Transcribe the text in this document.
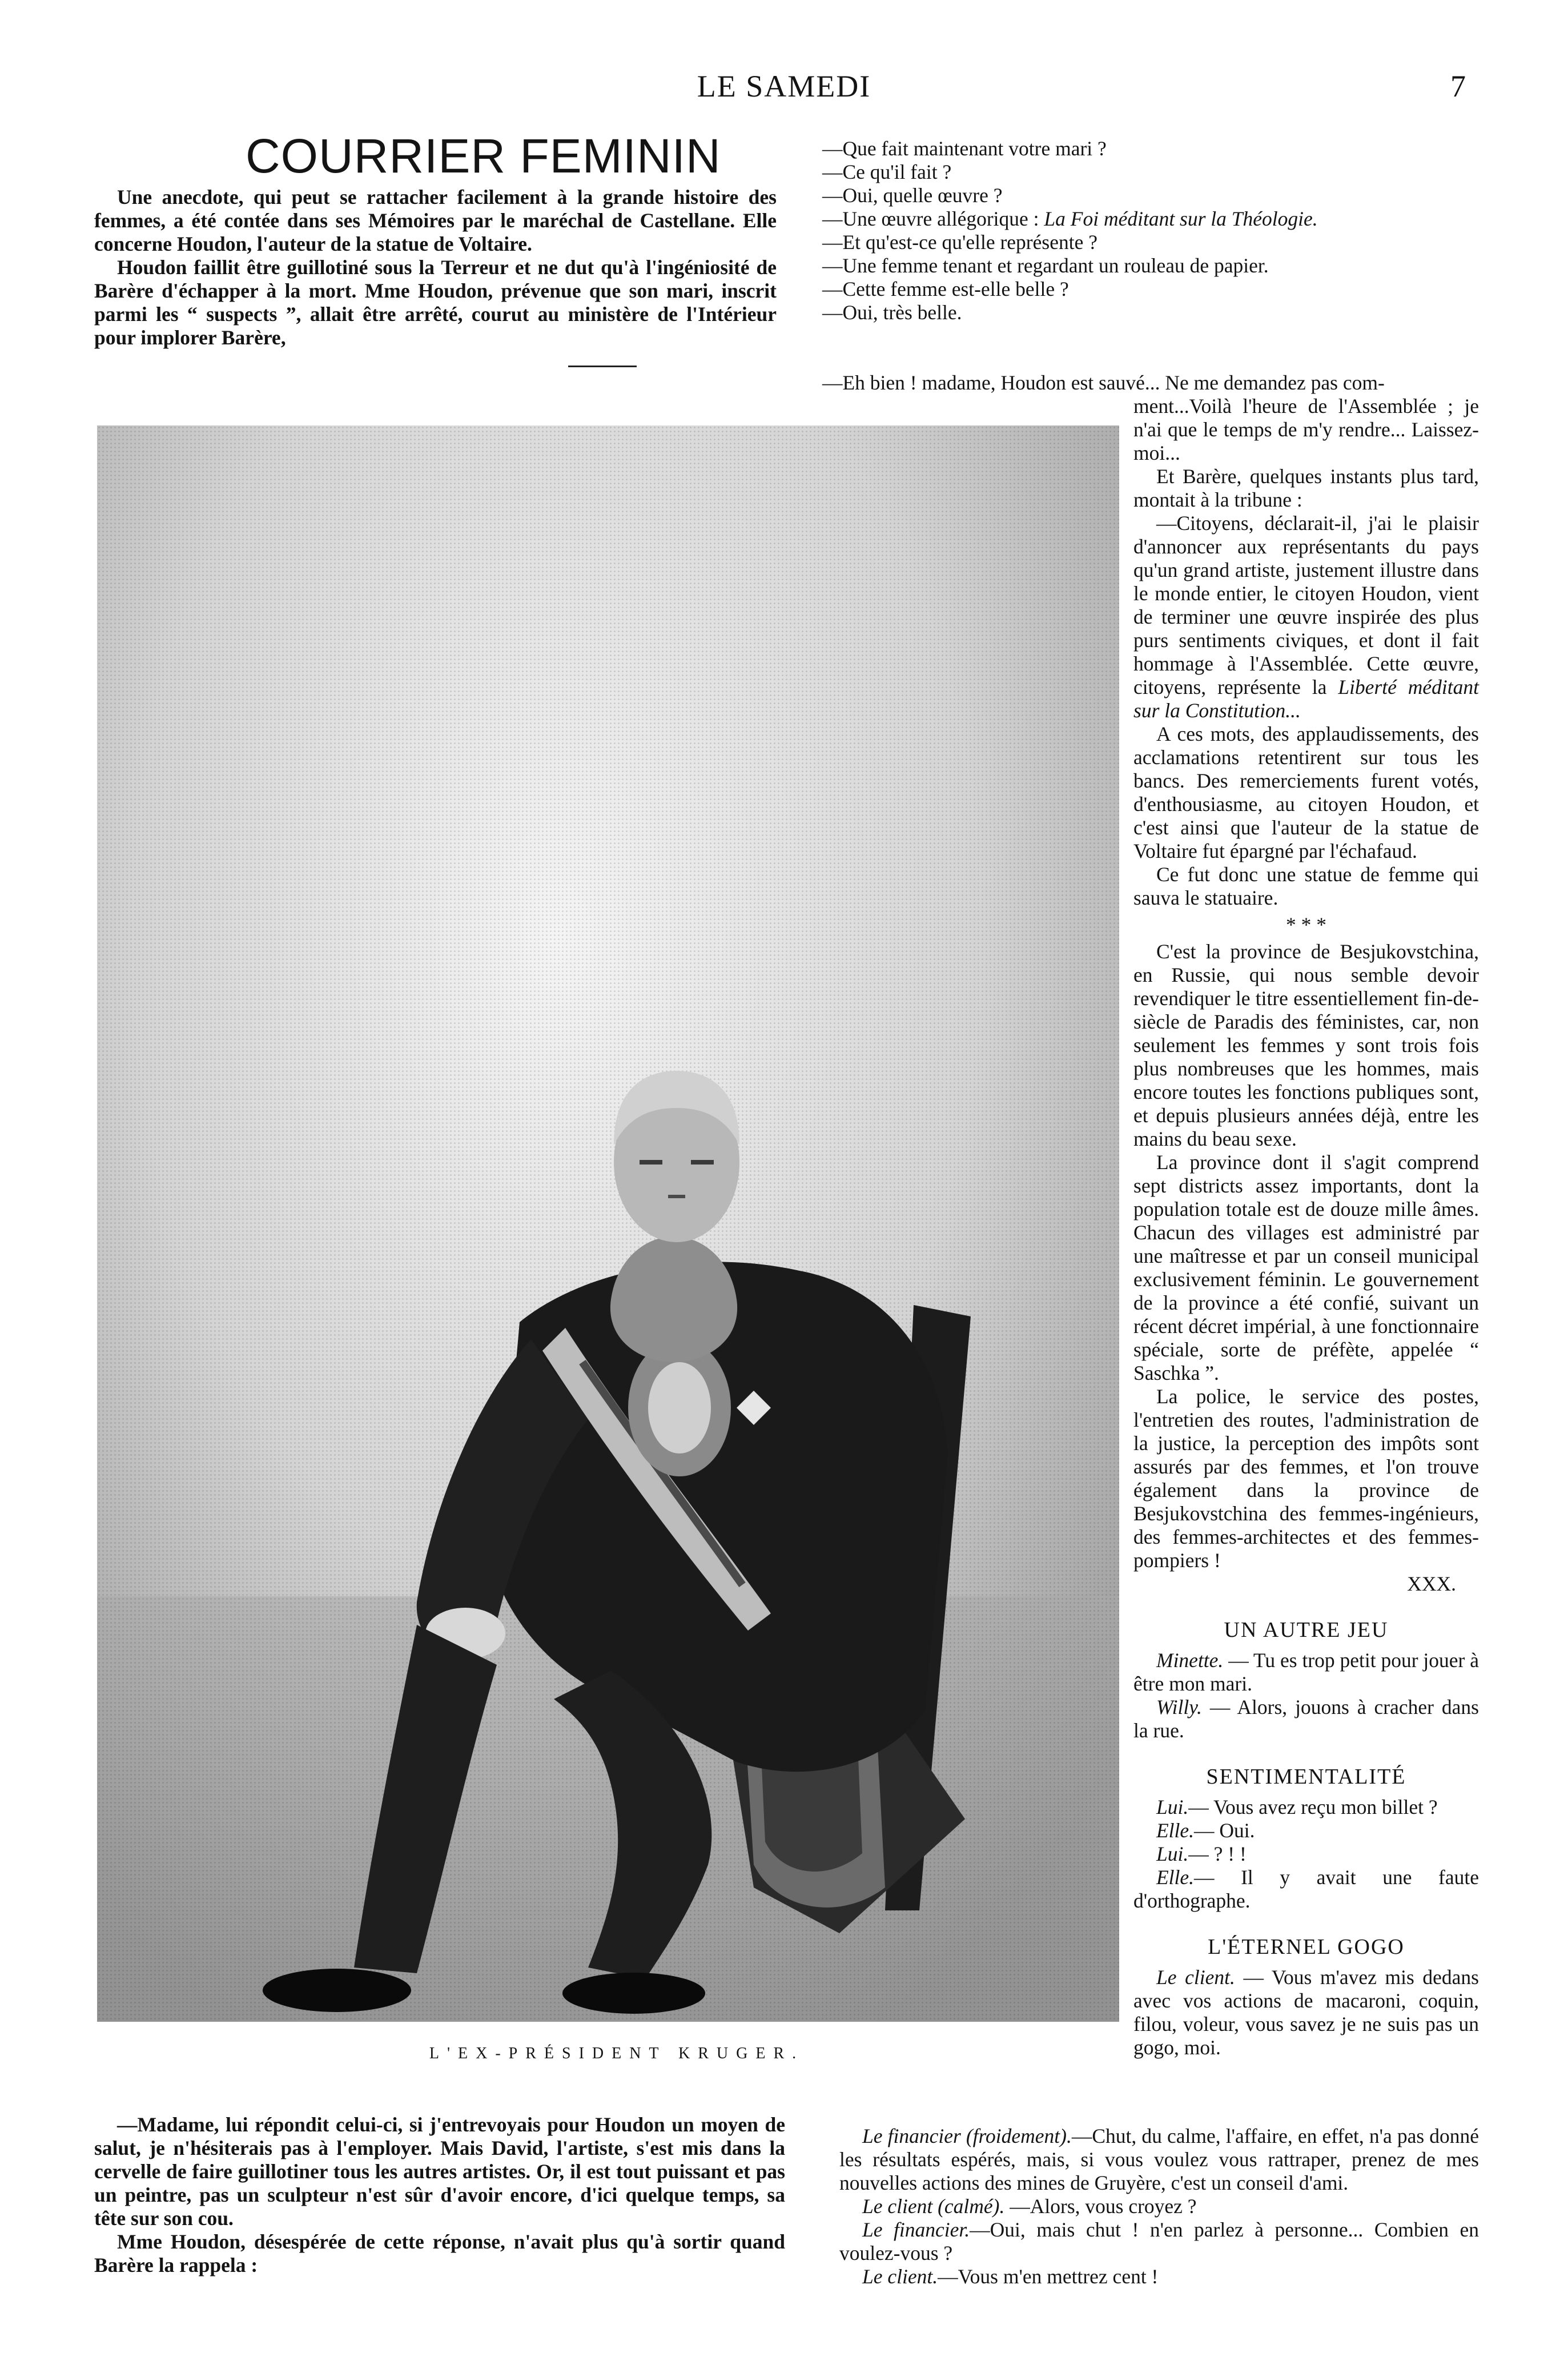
LE SAMEDI	7
COURRIER FEMININ

Une anecdote, qui peut se rattacher facilement à la grande histoire des femmes, a été contée dans ses Mémoires par le maréchal de Castellane. Elle concerne Houdon, l'auteur de la statue de Voltaire.

Houdon faillit être guillotiné sous la Terreur et ne dut qu'à l'ingéniosité de Barère d'échapper à la mort. Mme Houdon, prévenue que son mari, inscrit parmi les “ suspects ”, allait être arrêté, courut au ministère de l'Intérieur pour implorer Barère,

—Que fait maintenant votre mari ?

—Ce qu'il fait ?

—Oui, quelle œuvre ?

—Une œuvre allégorique : La Foi méditant sur la Théologie.

—Et qu'est-ce qu'elle représente ?

—Une femme tenant et regardant un rouleau de papier.

—Cette femme est-elle belle ?

—Oui, très belle.

—Eh bien ! madame, Houdon est sauvé... Ne me demandez pas com-

ment...Voilà l'heure de l'Assemblée ; je n'ai que le temps de m'y rendre... Laissez-moi...

Et Barère, quelques instants plus tard, montait à la tribune :

—Citoyens, déclarait-il, j'ai le plaisir d'annoncer aux représentants du pays qu'un grand artiste, justement illustre dans le monde entier, le citoyen Houdon, vient de terminer une œuvre inspirée des plus purs sentiments civiques, et dont il fait hommage à l'Assemblée. Cette œuvre, citoyens, représente la Liberté méditant sur la Constitution...

A ces mots, des applaudissements, des acclamations retentirent sur tous les bancs. Des remerciements furent votés, d'enthousiasme, au citoyen Houdon, et c'est ainsi que l'auteur de la statue de Voltaire fut épargné par l'échafaud.

Ce fut donc une statue de femme qui sauva le statuaire.

* * *

C'est la province de Besjukovstchina, en Russie, qui nous semble devoir revendiquer le titre essentiellement fin-de-siècle de Paradis des féministes, car, non seulement les femmes y sont trois fois plus nombreuses que les hommes, mais encore toutes les fonctions publiques sont, et depuis plusieurs années déjà, entre les mains du beau sexe.

La province dont il s'agit comprend sept districts assez importants, dont la population totale est de douze mille âmes. Chacun des villages est administré par une maîtresse et par un conseil municipal exclusivement féminin. Le gouvernement de la province a été confié, suivant un récent décret impérial, à une fonctionnaire spéciale, sorte de préfète, appelée “ Saschka ”.

La police, le service des postes, l'entretien des routes, l'administration de la justice, la perception des impôts sont assurés par des femmes, et l'on trouve également dans la province de Besjukovstchina des femmes-ingénieurs, des femmes-architectes et des femmes-pompiers !

XXX.

UN AUTRE JEU

Minette. — Tu es trop petit pour jouer à être mon mari.

Willy. — Alors, jouons à cracher dans la rue.

SENTIMENTALITÉ

Lui.— Vous avez reçu mon billet ?

Elle.— Oui.

Lui.— ? ! !

Elle.— Il y avait une faute d'orthographe.

L'ÉTERNEL GOGO

Le client. — Vous m'avez mis dedans avec vos actions de macaroni, coquin, filou, voleur, vous savez je ne suis pas un gogo, moi.

L'EX-PRÉSIDENT KRUGER.

—Madame, lui répondit celui-ci, si j'entrevoyais pour Houdon un moyen de salut, je n'hésiterais pas à l'employer. Mais David, l'artiste, s'est mis dans la cervelle de faire guillotiner tous les autres artistes. Or, il est tout puissant et pas un peintre, pas un sculpteur n'est sûr d'avoir encore, d'ici quelque temps, sa tête sur son cou.

Mme Houdon, désespérée de cette réponse, n'avait plus qu'à sortir quand Barère la rappela :

Le financier (froidement).—Chut, du calme, l'affaire, en effet, n'a pas donné les résultats espérés, mais, si vous voulez vous rattraper, prenez de mes nouvelles actions des mines de Gruyère, c'est un conseil d'ami.

Le client (calmé). —Alors, vous croyez ?

Le financier.—Oui, mais chut ! n'en parlez à personne... Combien en voulez-vous ?

Le client.—Vous m'en mettrez cent !
